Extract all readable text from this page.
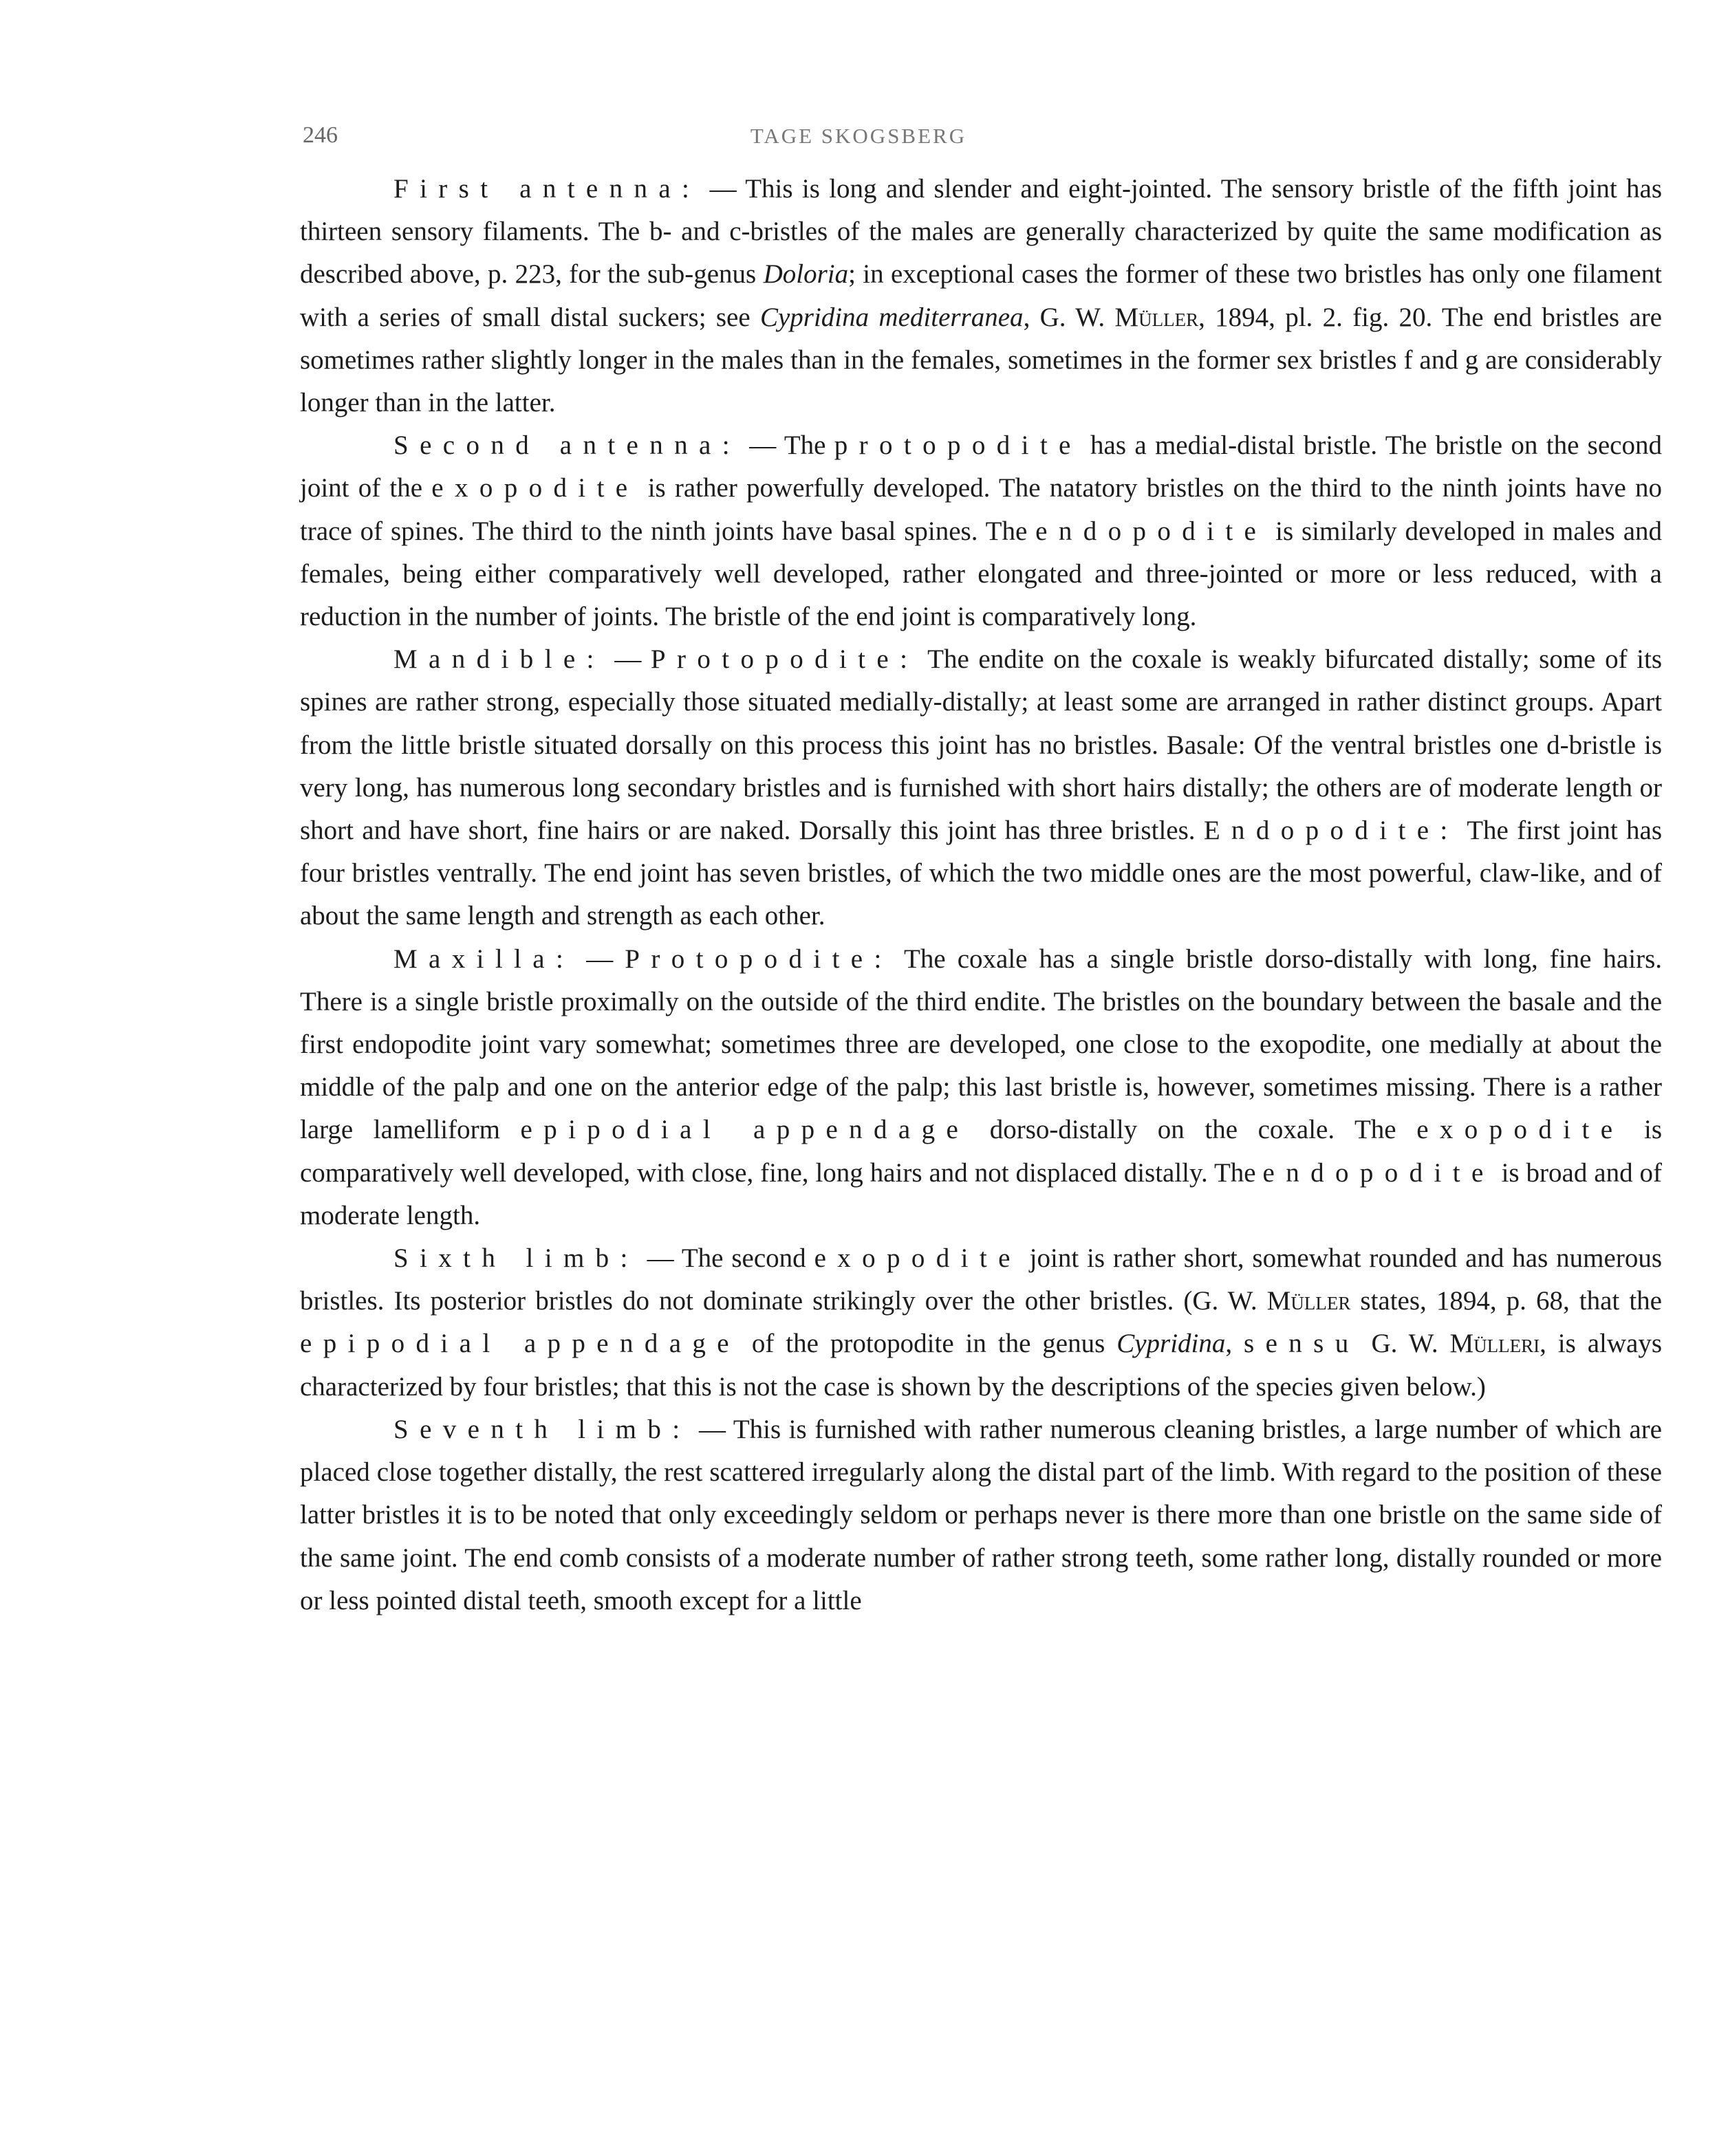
246	TAGE SKOGSBERG

First antenna: — This is long and slender and eight-jointed. The sensory bristle of the fifth joint has thirteen sensory filaments. The b- and c-bristles of the males are generally characterized by quite the same modification as described above, p. 223, for the sub-genus Doloria; in exceptional cases the former of these two bristles has only one filament with a series of small distal suckers; see Cypridina mediterranea, G. W. Müller, 1894, pl. 2. fig. 20. The end bristles are sometimes rather slightly longer in the males than in the females, sometimes in the former sex bristles f and g are considerably longer than in the latter.

Second antenna: — The protopodite has a medial-distal bristle. The bristle on the second joint of the exopodite is rather powerfully developed. The natatory bristles on the third to the ninth joints have no trace of spines. The third to the ninth joints have basal spines. The endopodite is similarly developed in males and females, being either comparatively well developed, rather elongated and three-jointed or more or less reduced, with a reduction in the number of joints. The bristle of the end joint is comparatively long.

Mandible: — Protopodite: The endite on the coxale is weakly bifurcated distally; some of its spines are rather strong, especially those situated medially-distally; at least some are arranged in rather distinct groups. Apart from the little bristle situated dorsally on this process this joint has no bristles. Basale: Of the ventral bristles one d-bristle is very long, has numerous long secondary bristles and is furnished with short hairs distally; the others are of moderate length or short and have short, fine hairs or are naked. Dorsally this joint has three bristles. Endopodite: The first joint has four bristles ventrally. The end joint has seven bristles, of which the two middle ones are the most powerful, claw-like, and of about the same length and strength as each other.

Maxilla: — Protopodite: The coxale has a single bristle dorso-distally with long, fine hairs. There is a single bristle proximally on the outside of the third endite. The bristles on the boundary between the basale and the first endopodite joint vary somewhat; sometimes three are developed, one close to the exopodite, one medially at about the middle of the palp and one on the anterior edge of the palp; this last bristle is, however, sometimes missing. There is a rather large lamelliform epipodial appendage dorso-distally on the coxale. The exopodite is comparatively well developed, with close, fine, long hairs and not displaced distally. The endopodite is broad and of moderate length.

Sixth limb: — The second exopodite joint is rather short, somewhat rounded and has numerous bristles. Its posterior bristles do not dominate strikingly over the other bristles. (G. W. Müller states, 1894, p. 68, that the epipodial appendage of the protopodite in the genus Cypridina, sensu G. W. Mülleri, is always characterized by four bristles; that this is not the case is shown by the descriptions of the species given below.)

Seventh limb: — This is furnished with rather numerous cleaning bristles, a large number of which are placed close together distally, the rest scattered irregularly along the distal part of the limb. With regard to the position of these latter bristles it is to be noted that only exceedingly seldom or perhaps never is there more than one bristle on the same side of the same joint. The end comb consists of a moderate number of rather strong teeth, some rather long, distally rounded or more or less pointed distal teeth, smooth except for a little
